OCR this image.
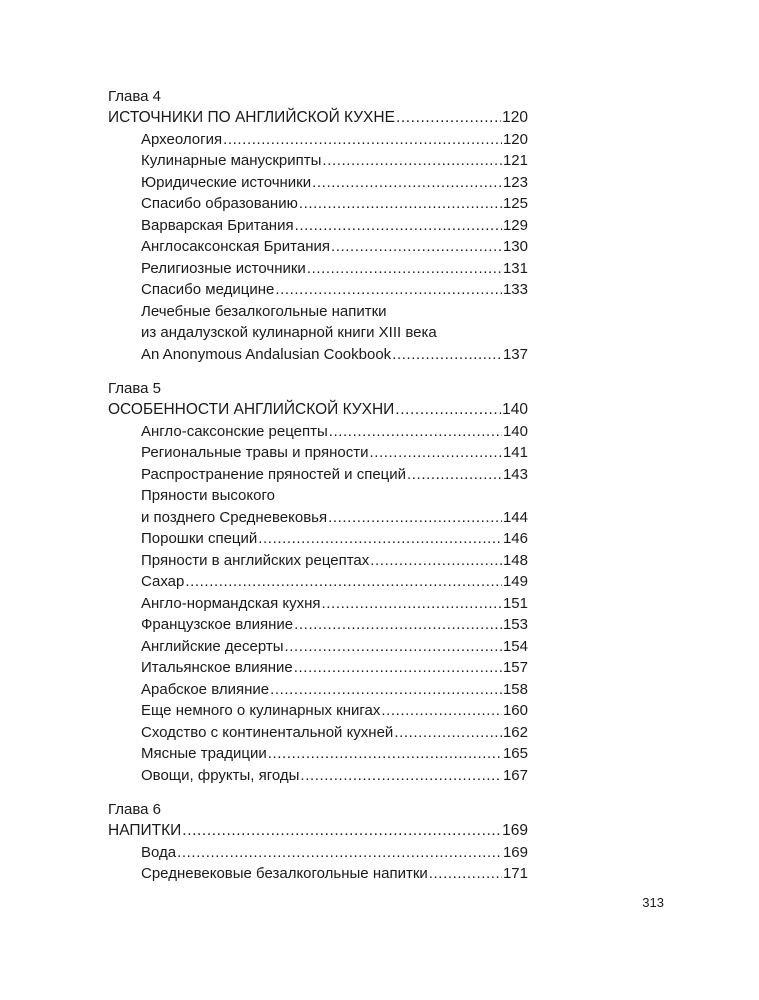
Глава 4
ИСТОЧНИКИ ПО АНГЛИЙСКОЙ КУХНЕ .....	120
Археология .....	120
Кулинарные манускрипты .....	121
Юридические источники .....	123
Спасибо образованию .....	125
Варварская Британия .....	129
Англосаксонская Британия .....	130
Религиозные источники .....	131
Спасибо медицине .....	133
Лечебные безалкогольные напитки
из андалузской кулинарной книги XIII века
An Anonymous Andalusian Cookbook .....	137
Глава 5
ОСОБЕННОСТИ АНГЛИЙСКОЙ КУХНИ .....	140
Англо-саксонские рецепты .....	140
Региональные травы и пряности .....	141
Распространение пряностей и специй .....	143
Пряности высокого
и позднего Средневековья .....	144
Порошки специй .....	146
Пряности в английских рецептах .....	148
Сахар .....	149
Англо-нормандская кухня .....	151
Французское влияние .....	153
Английские десерты .....	154
Итальянское влияние .....	157
Арабское влияние .....	158
Еще немного о кулинарных книгах .....	160
Сходство с континентальной кухней .....	162
Мясные традиции .....	165
Овощи, фрукты, ягоды .....	167
Глава 6
НАПИТКИ .....	169
Вода .....	169
Средневековые безалкогольные напитки .....	171
313
